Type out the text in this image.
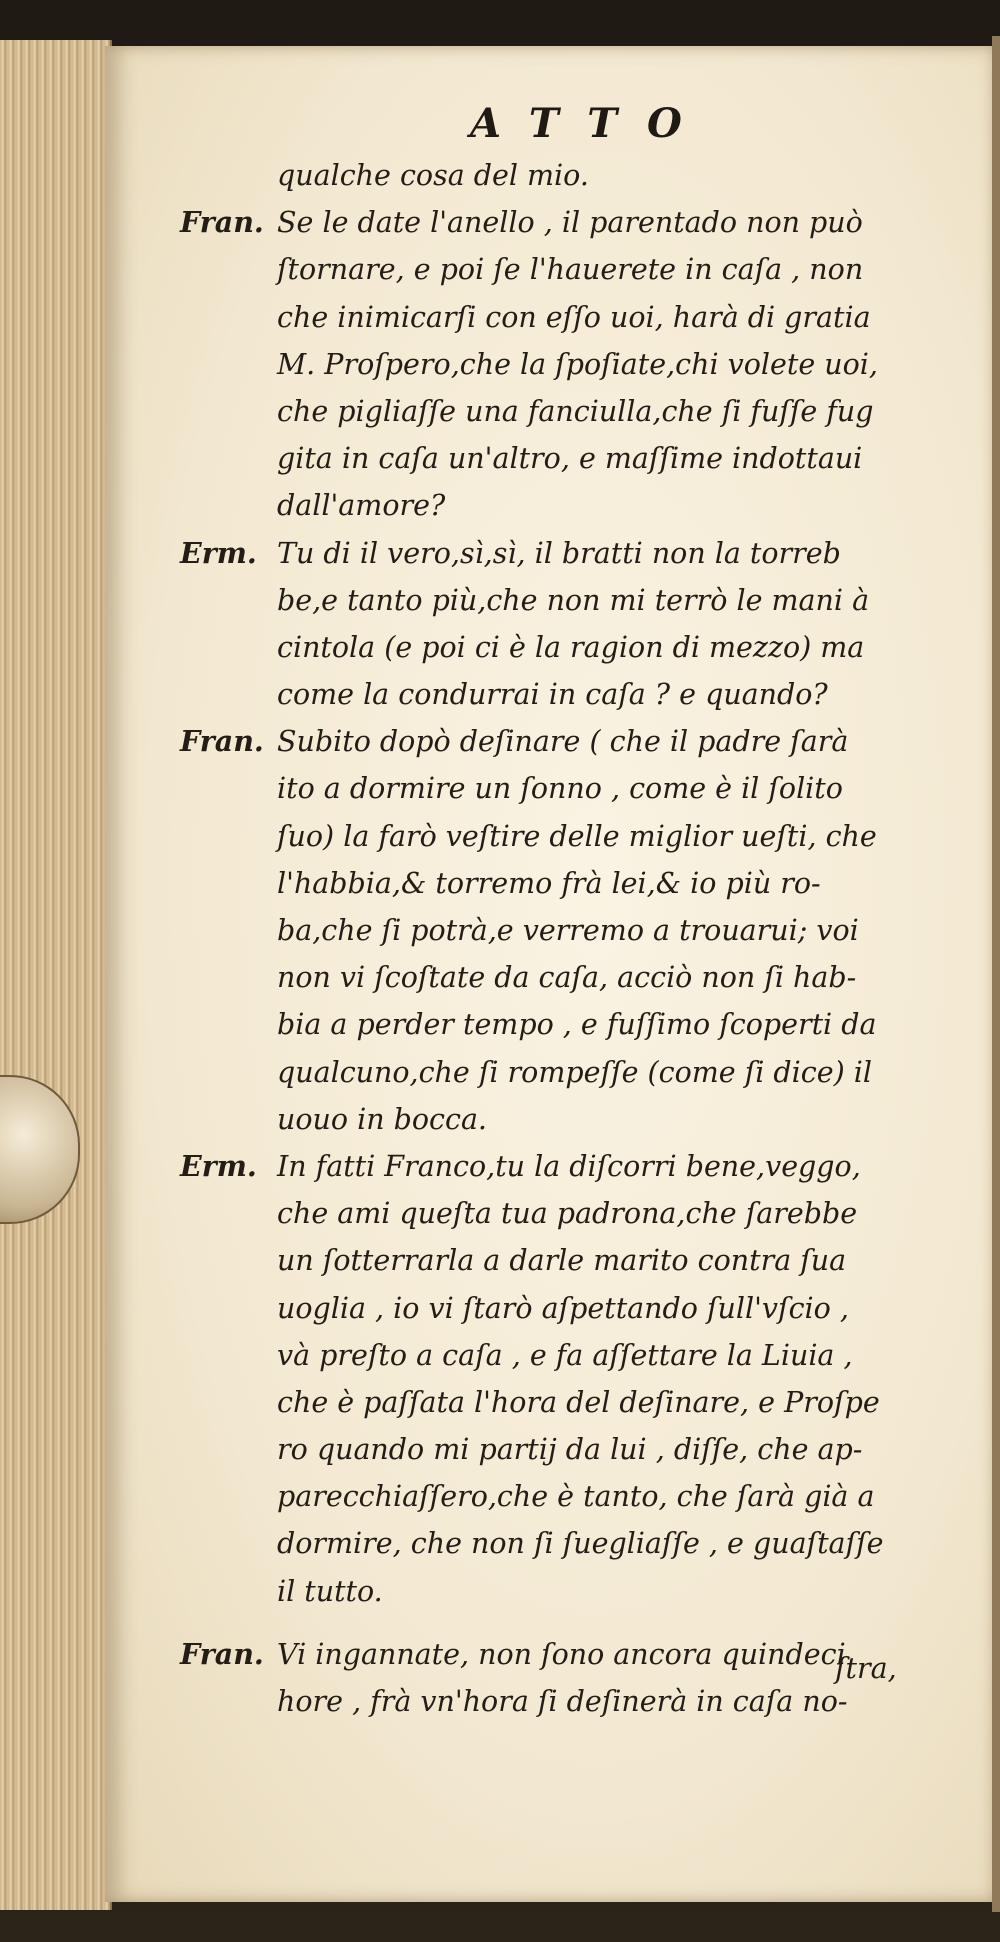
ATTO
qualche cosa del mio.
Fran. Se le date l'anello , il parentado non può
ſtornare, e poi ſe l'hauerete in caſa , non
che inimicarſi con eſſo uoi, harà di gratia
M. Proſpero,che la ſpoſiate,chi volete uoi,
che pigliaſſe una fanciulla,che ſi fuſſe fug
gita in caſa un'altro, e maſſime indottaui
dall'amore?
Erm. Tu di il vero,sì,sì, il bratti non la torreb
be,e tanto più,che non mi terrò le mani à
cintola (e poi ci è la ragion di mezzo) ma
come la condurrai in caſa ? e quando?
Fran. Subito dopò deſinare ( che il padre ſarà
ito a dormire un ſonno , come è il ſolito
ſuo) la farò veſtire delle miglior ueſti, che
l'habbia,& torremo frà lei,& io più ro-
ba,che ſi potrà,e verremo a trouarui; voi
non vi ſcoſtate da caſa, acciò non ſi hab-
bia a perder tempo , e fuſſimo ſcoperti da
qualcuno,che ſi rompeſſe (come ſi dice) il
uouo in bocca.
Erm. In fatti Franco,tu la diſcorri bene,veggo,
che ami queſta tua padrona,che ſarebbe
un ſotterrarla a darle marito contra ſua
uoglia , io vi ſtarò aſpettando ſull'vſcio ,
và preſto a caſa , e fa aſſettare la Liuia ,
che è paſſata l'hora del deſinare, e Proſpe
ro quando mi partij da lui , diſſe, che ap-
parecchiaſſero,che è tanto, che ſarà già a
dormire, che non ſi ſuegliaſſe , e guaſtaſſe
il tutto.
Fran. Vi ingannate, non ſono ancora quindeci
hore , frà vn'hora ſi deſinerà in caſa no-
ſtra,
